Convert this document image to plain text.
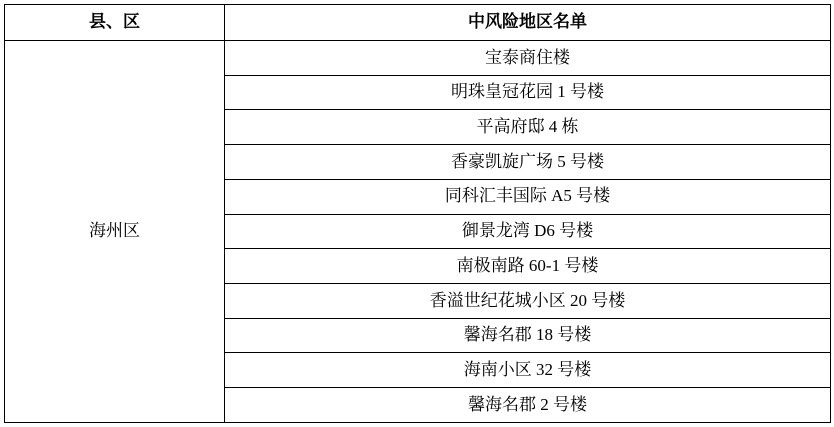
县、区	中风险地区名单
海州区	宝泰商住楼
	明珠皇冠花园 1 号楼
	平高府邸 4 栋
	香豪凯旋广场 5 号楼
	同科汇丰国际 A5 号楼
	御景龙湾 D6 号楼
	南极南路 60-1 号楼
	香溢世纪花城小区 20 号楼
	馨海名郡 18 号楼
	海南小区 32 号楼
	馨海名郡 2 号楼
